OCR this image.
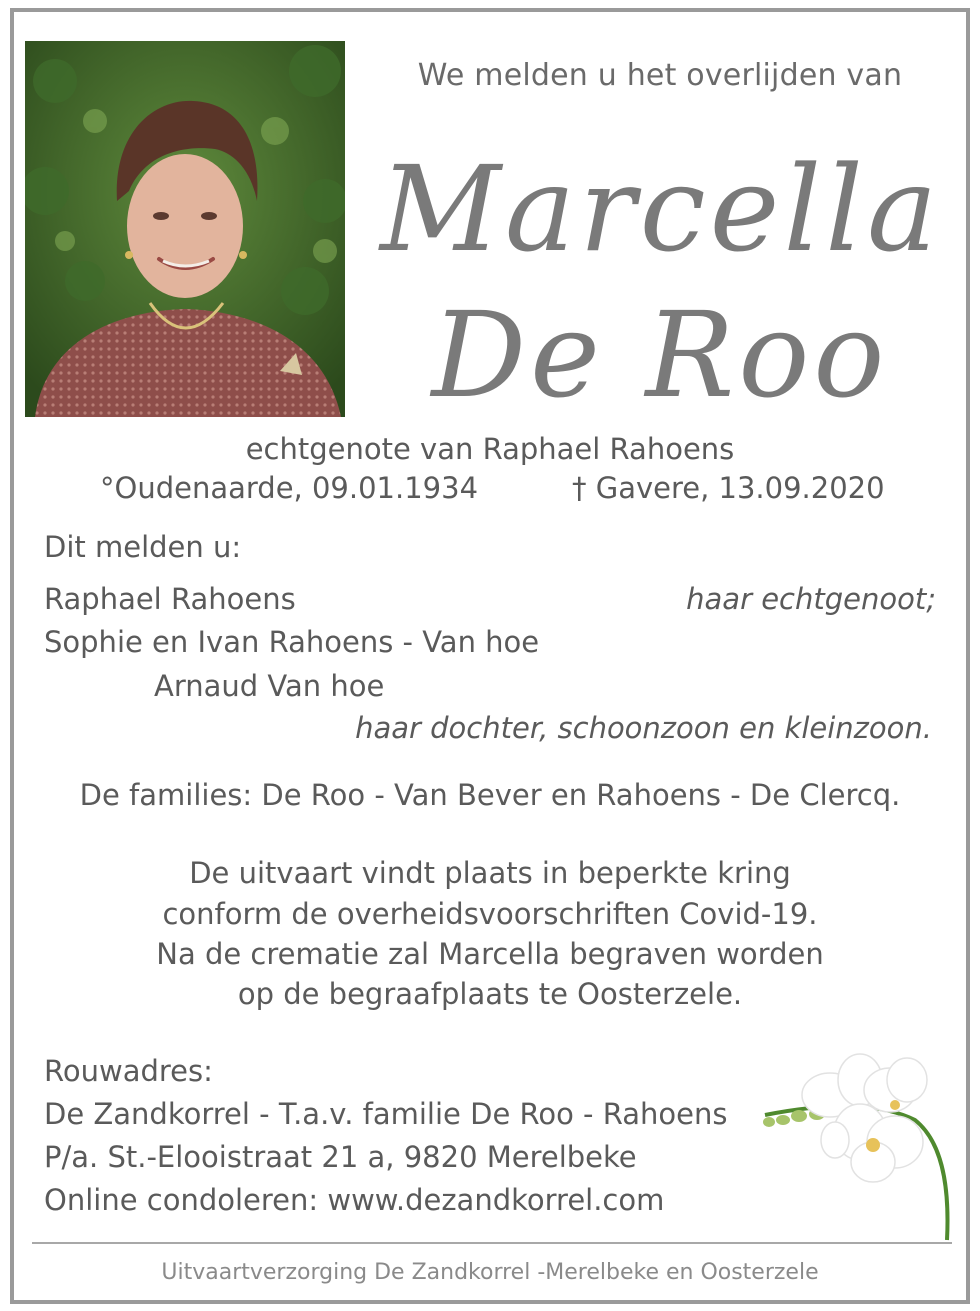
We melden u het overlijden van
Marcella
De Roo
echtgenote van Raphael Rahoens
°Oudenaarde, 09.01.1934	† Gavere, 13.09.2020
Dit melden u:
Raphael Rahoens	haar echtgenoot;
Sophie en Ivan Rahoens - Van hoe
Arnaud Van hoe
haar dochter, schoonzoon en kleinzoon.
De families: De Roo - Van Bever en Rahoens - De Clercq.
De uitvaart vindt plaats in beperkte kring
conform de overheidsvoorschriften Covid-19.
Na de crematie zal Marcella begraven worden
op de begraafplaats te Oosterzele.
Rouwadres:
De Zandkorrel - T.a.v. familie De Roo - Rahoens
P/a. St.-Elooistraat 21 a, 9820 Merelbeke
Online condoleren: www.dezandkorrel.com
Uitvaartverzorging De Zandkorrel -Merelbeke en Oosterzele
